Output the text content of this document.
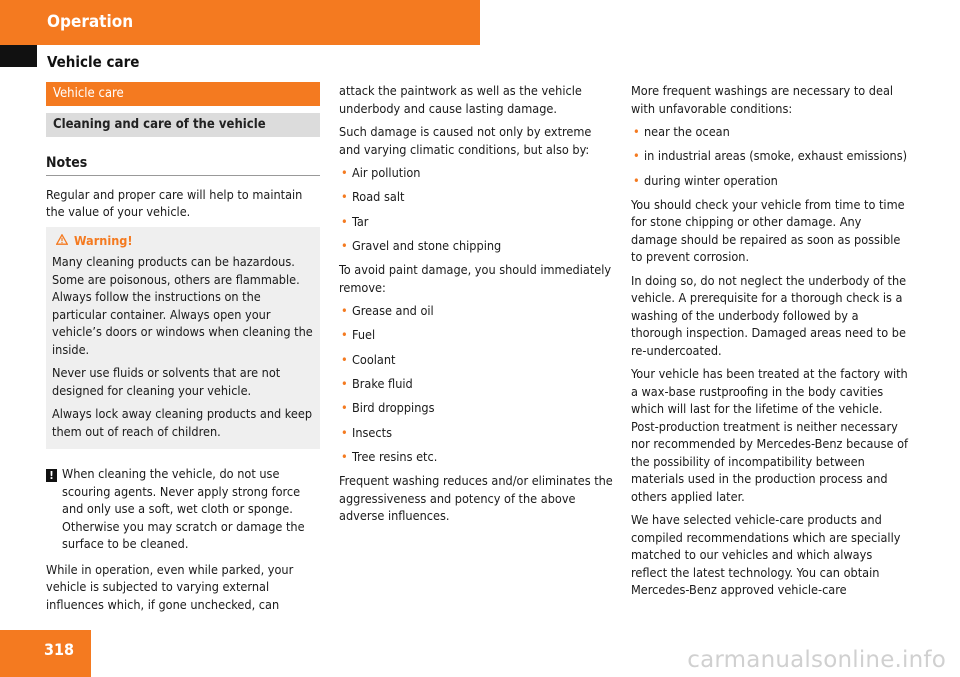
Operation
Vehicle care
Vehicle care
Cleaning and care of the vehicle
Notes

Regular and proper care will help to maintain the value of your vehicle.

Warning!

Many cleaning products can be hazardous. Some are poisonous, others are flammable. Always follow the instructions on the particular container. Always open your vehicle’s doors or windows when cleaning the inside.

Never use fluids or solvents that are not designed for cleaning your vehicle.

Always lock away cleaning products and keep them out of reach of children.

! When cleaning the vehicle, do not use scouring agents. Never apply strong force and only use a soft, wet cloth or sponge. Otherwise you may scratch or damage the surface to be cleaned.

While in operation, even while parked, your vehicle is subjected to varying external influences which, if gone unchecked, can

attack the paintwork as well as the vehicle underbody and cause lasting damage.

Such damage is caused not only by extreme and varying climatic conditions, but also by:

• Air pollution
• Road salt
• Tar
• Gravel and stone chipping

To avoid paint damage, you should immediately remove:

• Grease and oil
• Fuel
• Coolant
• Brake fluid
• Bird droppings
• Insects
• Tree resins etc.

Frequent washing reduces and/or eliminates the aggressiveness and potency of the above adverse influences.

More frequent washings are necessary to deal with unfavorable conditions:

• near the ocean
• in industrial areas (smoke, exhaust emissions)
• during winter operation

You should check your vehicle from time to time for stone chipping or other damage. Any damage should be repaired as soon as possible to prevent corrosion.

In doing so, do not neglect the underbody of the vehicle. A prerequisite for a thorough check is a washing of the underbody followed by a thorough inspection. Damaged areas need to be re-undercoated.

Your vehicle has been treated at the factory with a wax-base rustproofing in the body cavities which will last for the lifetime of the vehicle. Post-production treatment is neither necessary nor recommended by Mercedes-Benz because of the possibility of incompatibility between materials used in the production process and others applied later.

We have selected vehicle-care products and compiled recommendations which are specially matched to our vehicles and which always reflect the latest technology. You can obtain Mercedes-Benz approved vehicle-care

318	carmanualsonline.info
